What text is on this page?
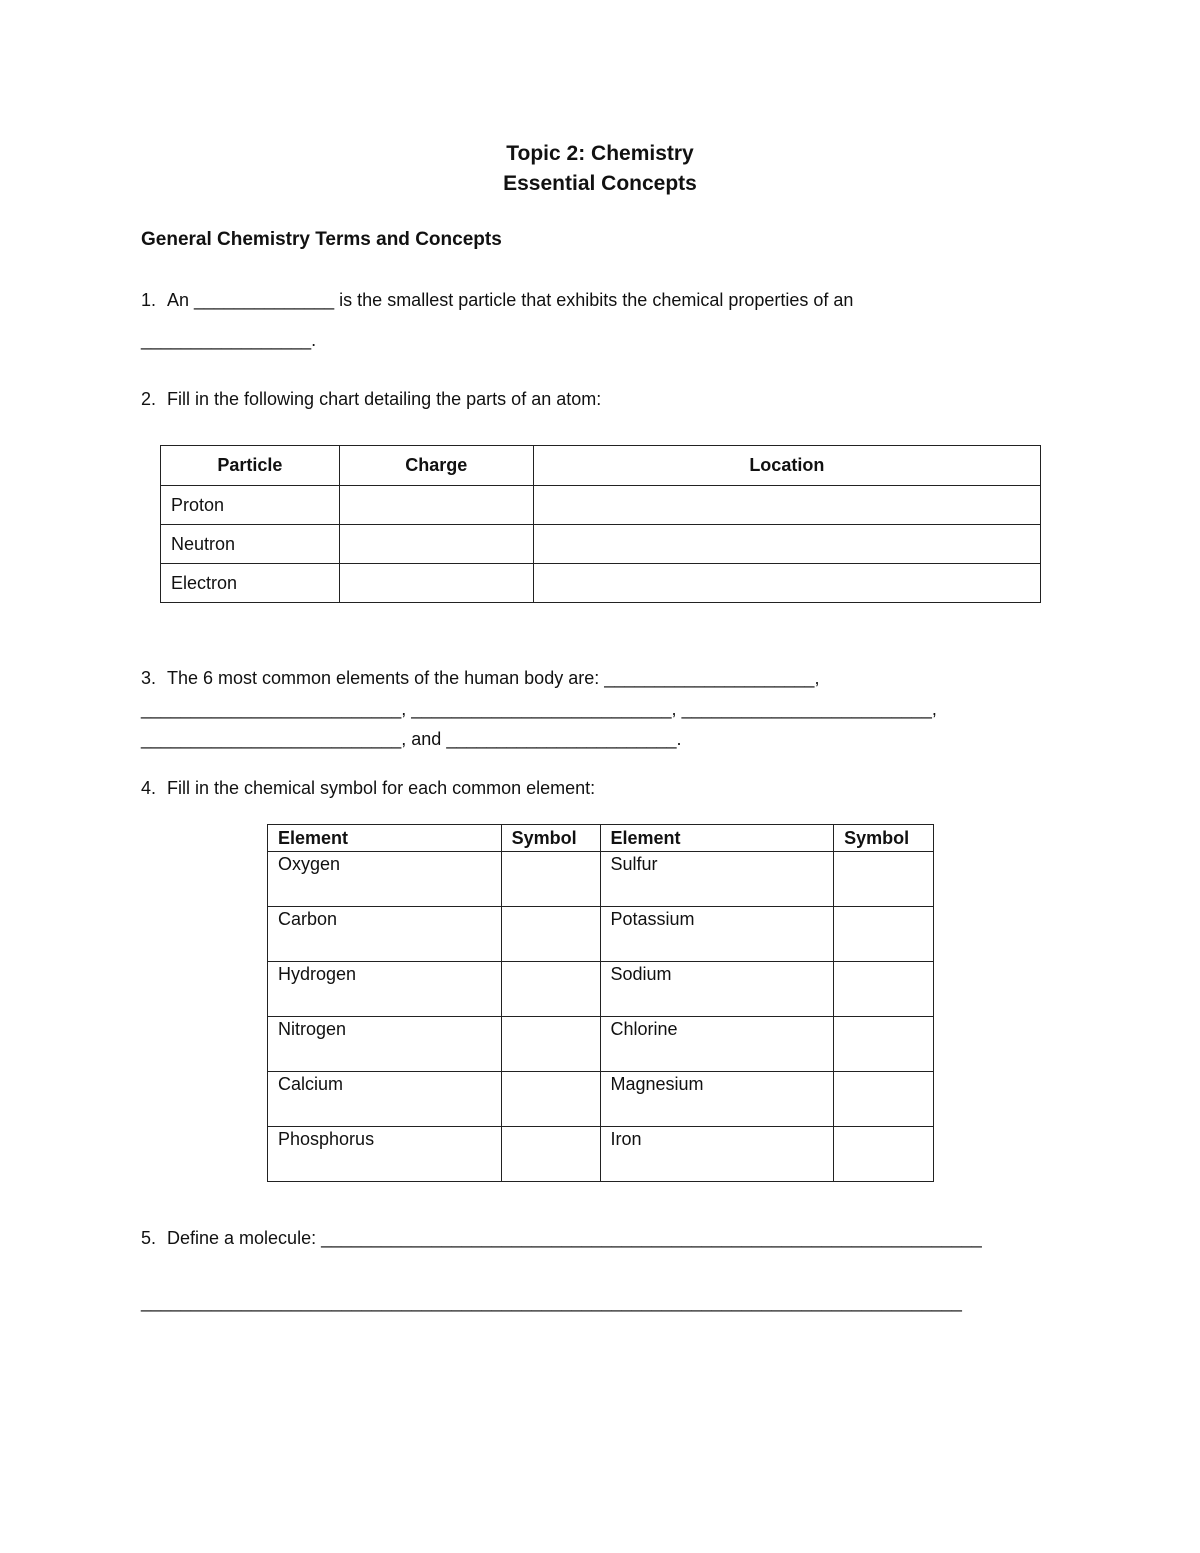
Topic 2: Chemistry
Essential Concepts
General Chemistry Terms and Concepts
1. An ______________ is the smallest particle that exhibits the chemical properties of an
_________________.
2. Fill in the following chart detailing the parts of an atom:
Particle	Charge	Location
Proton		
Neutron		
Electron		
3. The 6 most common elements of the human body are: _____________________,
__________________________, __________________________, _________________________,
__________________________, and _______________________.
4. Fill in the chemical symbol for each common element:
Element	Symbol	Element	Symbol
Oxygen		Sulfur	
Carbon		Potassium	
Hydrogen		Sodium	
Nitrogen		Chlorine	
Calcium		Magnesium	
Phosphorus		Iron	
5. Define a molecule: __________________________________________________________________
__________________________________________________________________________________
